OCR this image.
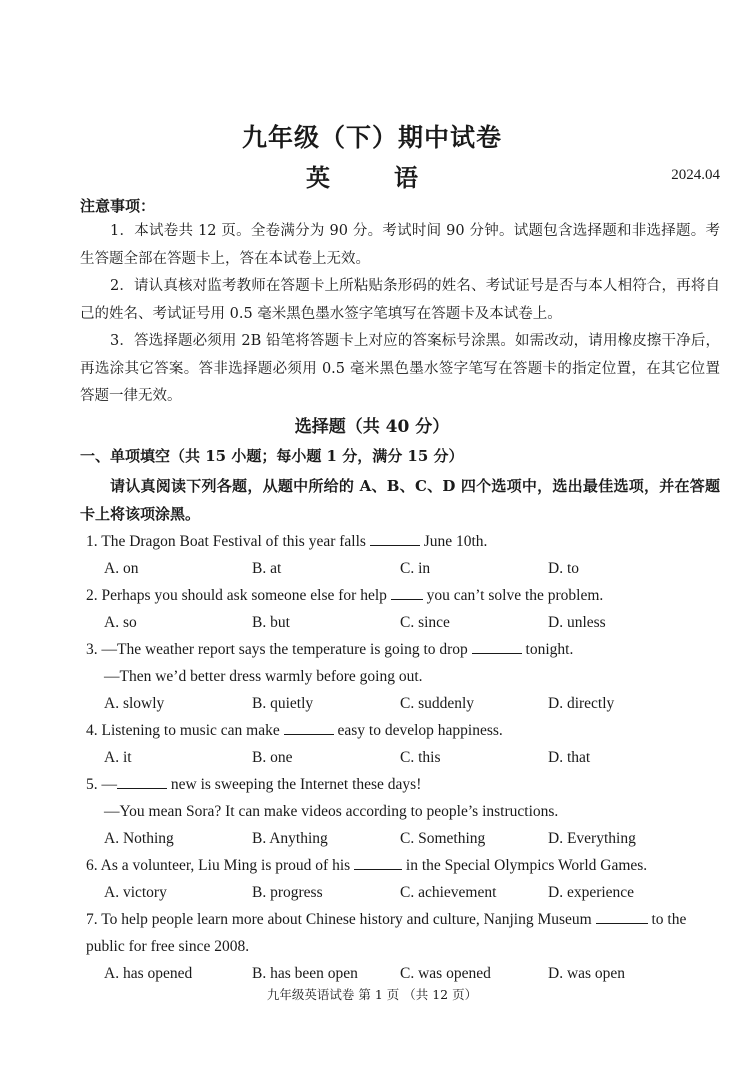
九年级（下）期中试卷
英　语	2024.04
注意事项：

1．本试卷共 12 页。全卷满分为 90 分。考试时间 90 分钟。试题包含选择题和非选择题。考生答题全部在答题卡上，答在本试卷上无效。

2．请认真核对监考教师在答题卡上所粘贴条形码的姓名、考试证号是否与本人相符合，再将自己的姓名、考试证号用 0.5 毫米黑色墨水签字笔填写在答题卡及本试卷上。

3．答选择题必须用 2B 铅笔将答题卡上对应的答案标号涂黑。如需改动，请用橡皮擦干净后，再选涂其它答案。答非选择题必须用 0.5 毫米黑色墨水签字笔写在答题卡的指定位置，在其它位置答题一律无效。

选择题（共 40 分）
一、单项填空（共 15 小题；每小题 1 分，满分 15 分）
请认真阅读下列各题，从题中所给的 A、B、C、D 四个选项中，选出最佳选项，并在答题卡上将该项涂黑。
1. The Dragon Boat Festival of this year falls	June 10th.
A. on	B. at	C. in	D. to
2. Perhaps you should ask someone else for help  you can’t solve the problem.
A. so	B. but	C. since	D. unless
3. —The weather report says the temperature is going to drop	tonight.
—Then we’d better dress warmly before going out.
A. slowly	B. quietly	C. suddenly	D. directly
4. Listening to music can make	easy to develop happiness.
A. it	B. one	C. this	D. that
5. —	new is sweeping the Internet these days!
—You mean Sora? It can make videos according to people’s instructions.
A. Nothing	B. Anything	C. Something	D. Everything
6. As a volunteer, Liu Ming is proud of his	in the Special Olympics World Games.
A. victory	B. progress	C. achievement	D. experience
7. To help people learn more about Chinese history and culture, Nanjing Museum	to the public for free since 2008.
A. has opened	B. has been open	C. was opened	D. was open
九年级英语试卷 第 1 页 （共 12 页）
